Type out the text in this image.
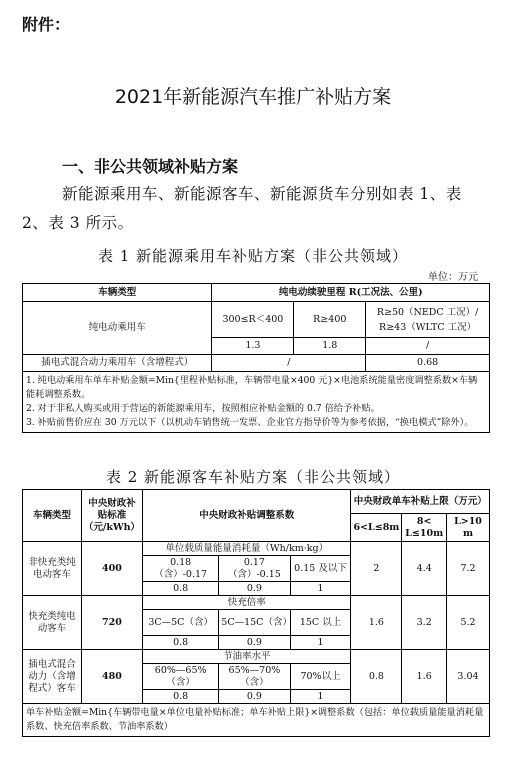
附件：
2021年新能源汽车推广补贴方案
一、非公共领域补贴方案
新能源乘用车、新能源客车、新能源货车分别如表 1、表 2、表 3 所示。
表 1 新能源乘用车补贴方案（非公共领域）
单位：万元
车辆类型	纯电动续驶里程 R(工况法、公里)		
纯电动乘用车	300≤R＜400	R≥400	R≥50（NEDC 工况）/
R≥43（WLTC 工况）

	1.3	1.8	/
插电式混合动力乘用车（含增程式）	/		0.68

1. 纯电动乘用车单车补贴金额=Min{里程补贴标准，车辆带电量×400 元}×电池系统能量密度调整系数×车辆能耗调整系数。
2. 对于非私人购买或用于营运的新能源乘用车，按照相应补贴金额的 0.7 倍给予补贴。
3. 补贴前售价应在 30 万元以下（以机动车销售统一发票、企业官方指导价等为参考依据，“换电模式”除外）。			
表 2 新能源客车补贴方案（非公共领域）
车辆类型	中央财政补贴标准（元/kWh）	中央财政补贴调整系数			中央财政单车补贴上限（万元）		
					6<L≤8m	8< L≤10m	L>10 m
非快充类纯电动客车	400	单位载质量能量消耗量（Wh/km·kg）			2	4.4	7.2
		0.18（含）-0.17	0.17（含）-0.15	0.15 及以下			
		0.8	0.9	1			
快充类纯电动客车	720	快充倍率			1.6	3.2	5.2
		3C—5C（含）	5C—15C（含）	15C 以上			
		0.8	0.9	1			
插电式混合动力（含增程式）客车	480	节油率水平			0.8	1.6	3.04
		60%—65%（含）	65%—70%（含）	70%以上			
		0.8	0.9	1			
单车补贴金额=Min{车辆带电量×单位电量补贴标准；单车补贴上限}×调整系数（包括：单位载质量能量消耗量系数、快充倍率系数、节油率系数）							
